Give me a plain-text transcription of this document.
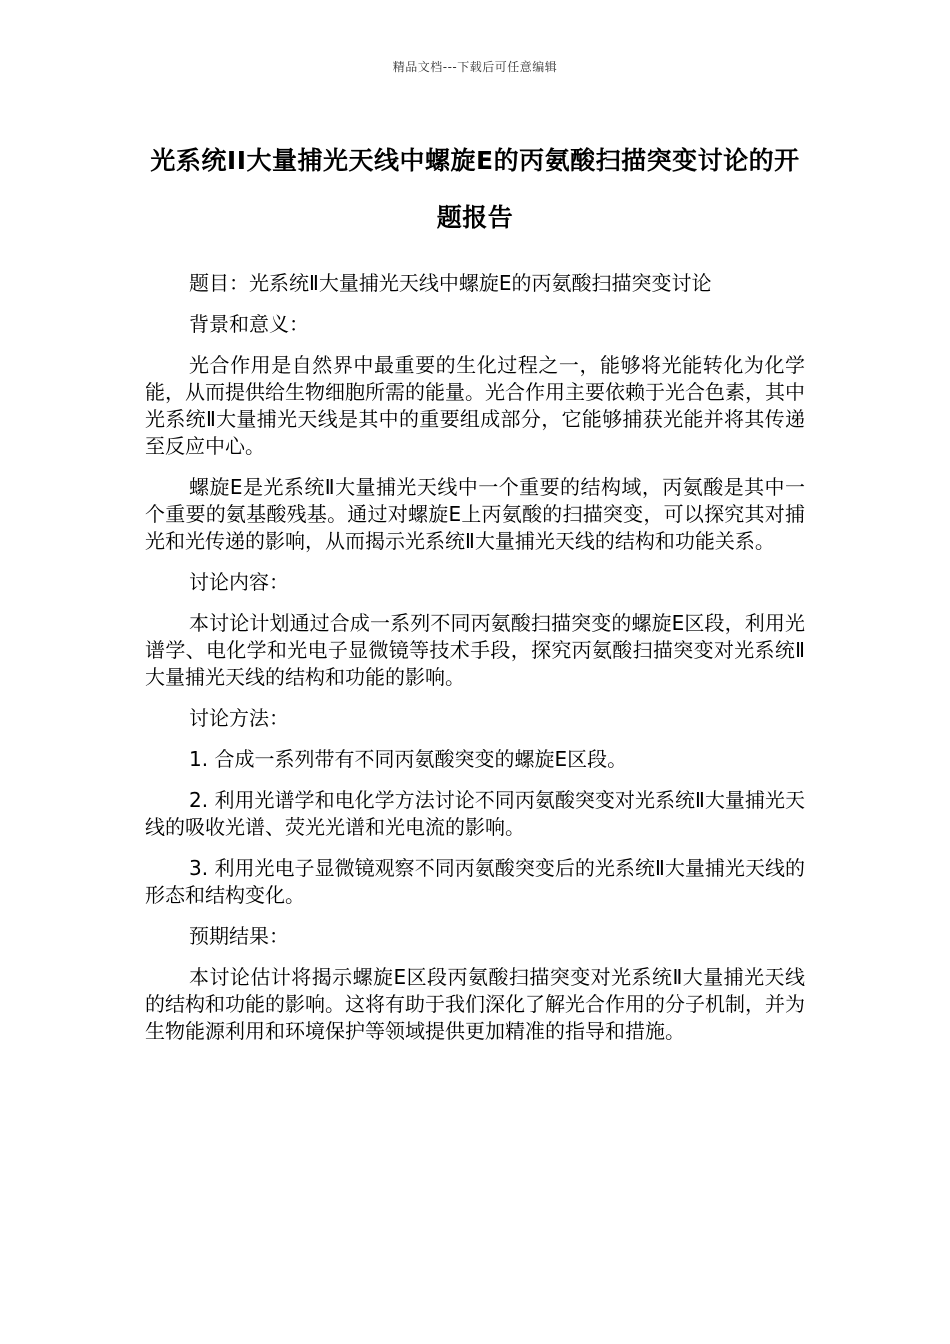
精品文档---下载后可任意编辑
光系统II大量捕光天线中螺旋E的丙氨酸扫描突变讨论的开题报告

题目：光系统Ⅱ大量捕光天线中螺旋E的丙氨酸扫描突变讨论

背景和意义：

光合作用是自然界中最重要的生化过程之一，能够将光能转化为化学能，从而提供给生物细胞所需的能量。光合作用主要依赖于光合色素，其中光系统Ⅱ大量捕光天线是其中的重要组成部分，它能够捕获光能并将其传递至反应中心。

螺旋E是光系统Ⅱ大量捕光天线中一个重要的结构域，丙氨酸是其中一个重要的氨基酸残基。通过对螺旋E上丙氨酸的扫描突变，可以探究其对捕光和光传递的影响，从而揭示光系统Ⅱ大量捕光天线的结构和功能关系。

讨论内容：

本讨论计划通过合成一系列不同丙氨酸扫描突变的螺旋E区段，利用光谱学、电化学和光电子显微镜等技术手段，探究丙氨酸扫描突变对光系统Ⅱ大量捕光天线的结构和功能的影响。

讨论方法：

1. 合成一系列带有不同丙氨酸突变的螺旋E区段。

2. 利用光谱学和电化学方法讨论不同丙氨酸突变对光系统Ⅱ大量捕光天线的吸收光谱、荧光光谱和光电流的影响。

3. 利用光电子显微镜观察不同丙氨酸突变后的光系统Ⅱ大量捕光天线的形态和结构变化。

预期结果：

本讨论估计将揭示螺旋E区段丙氨酸扫描突变对光系统Ⅱ大量捕光天线的结构和功能的影响。这将有助于我们深化了解光合作用的分子机制，并为生物能源利用和环境保护等领域提供更加精准的指导和措施。
